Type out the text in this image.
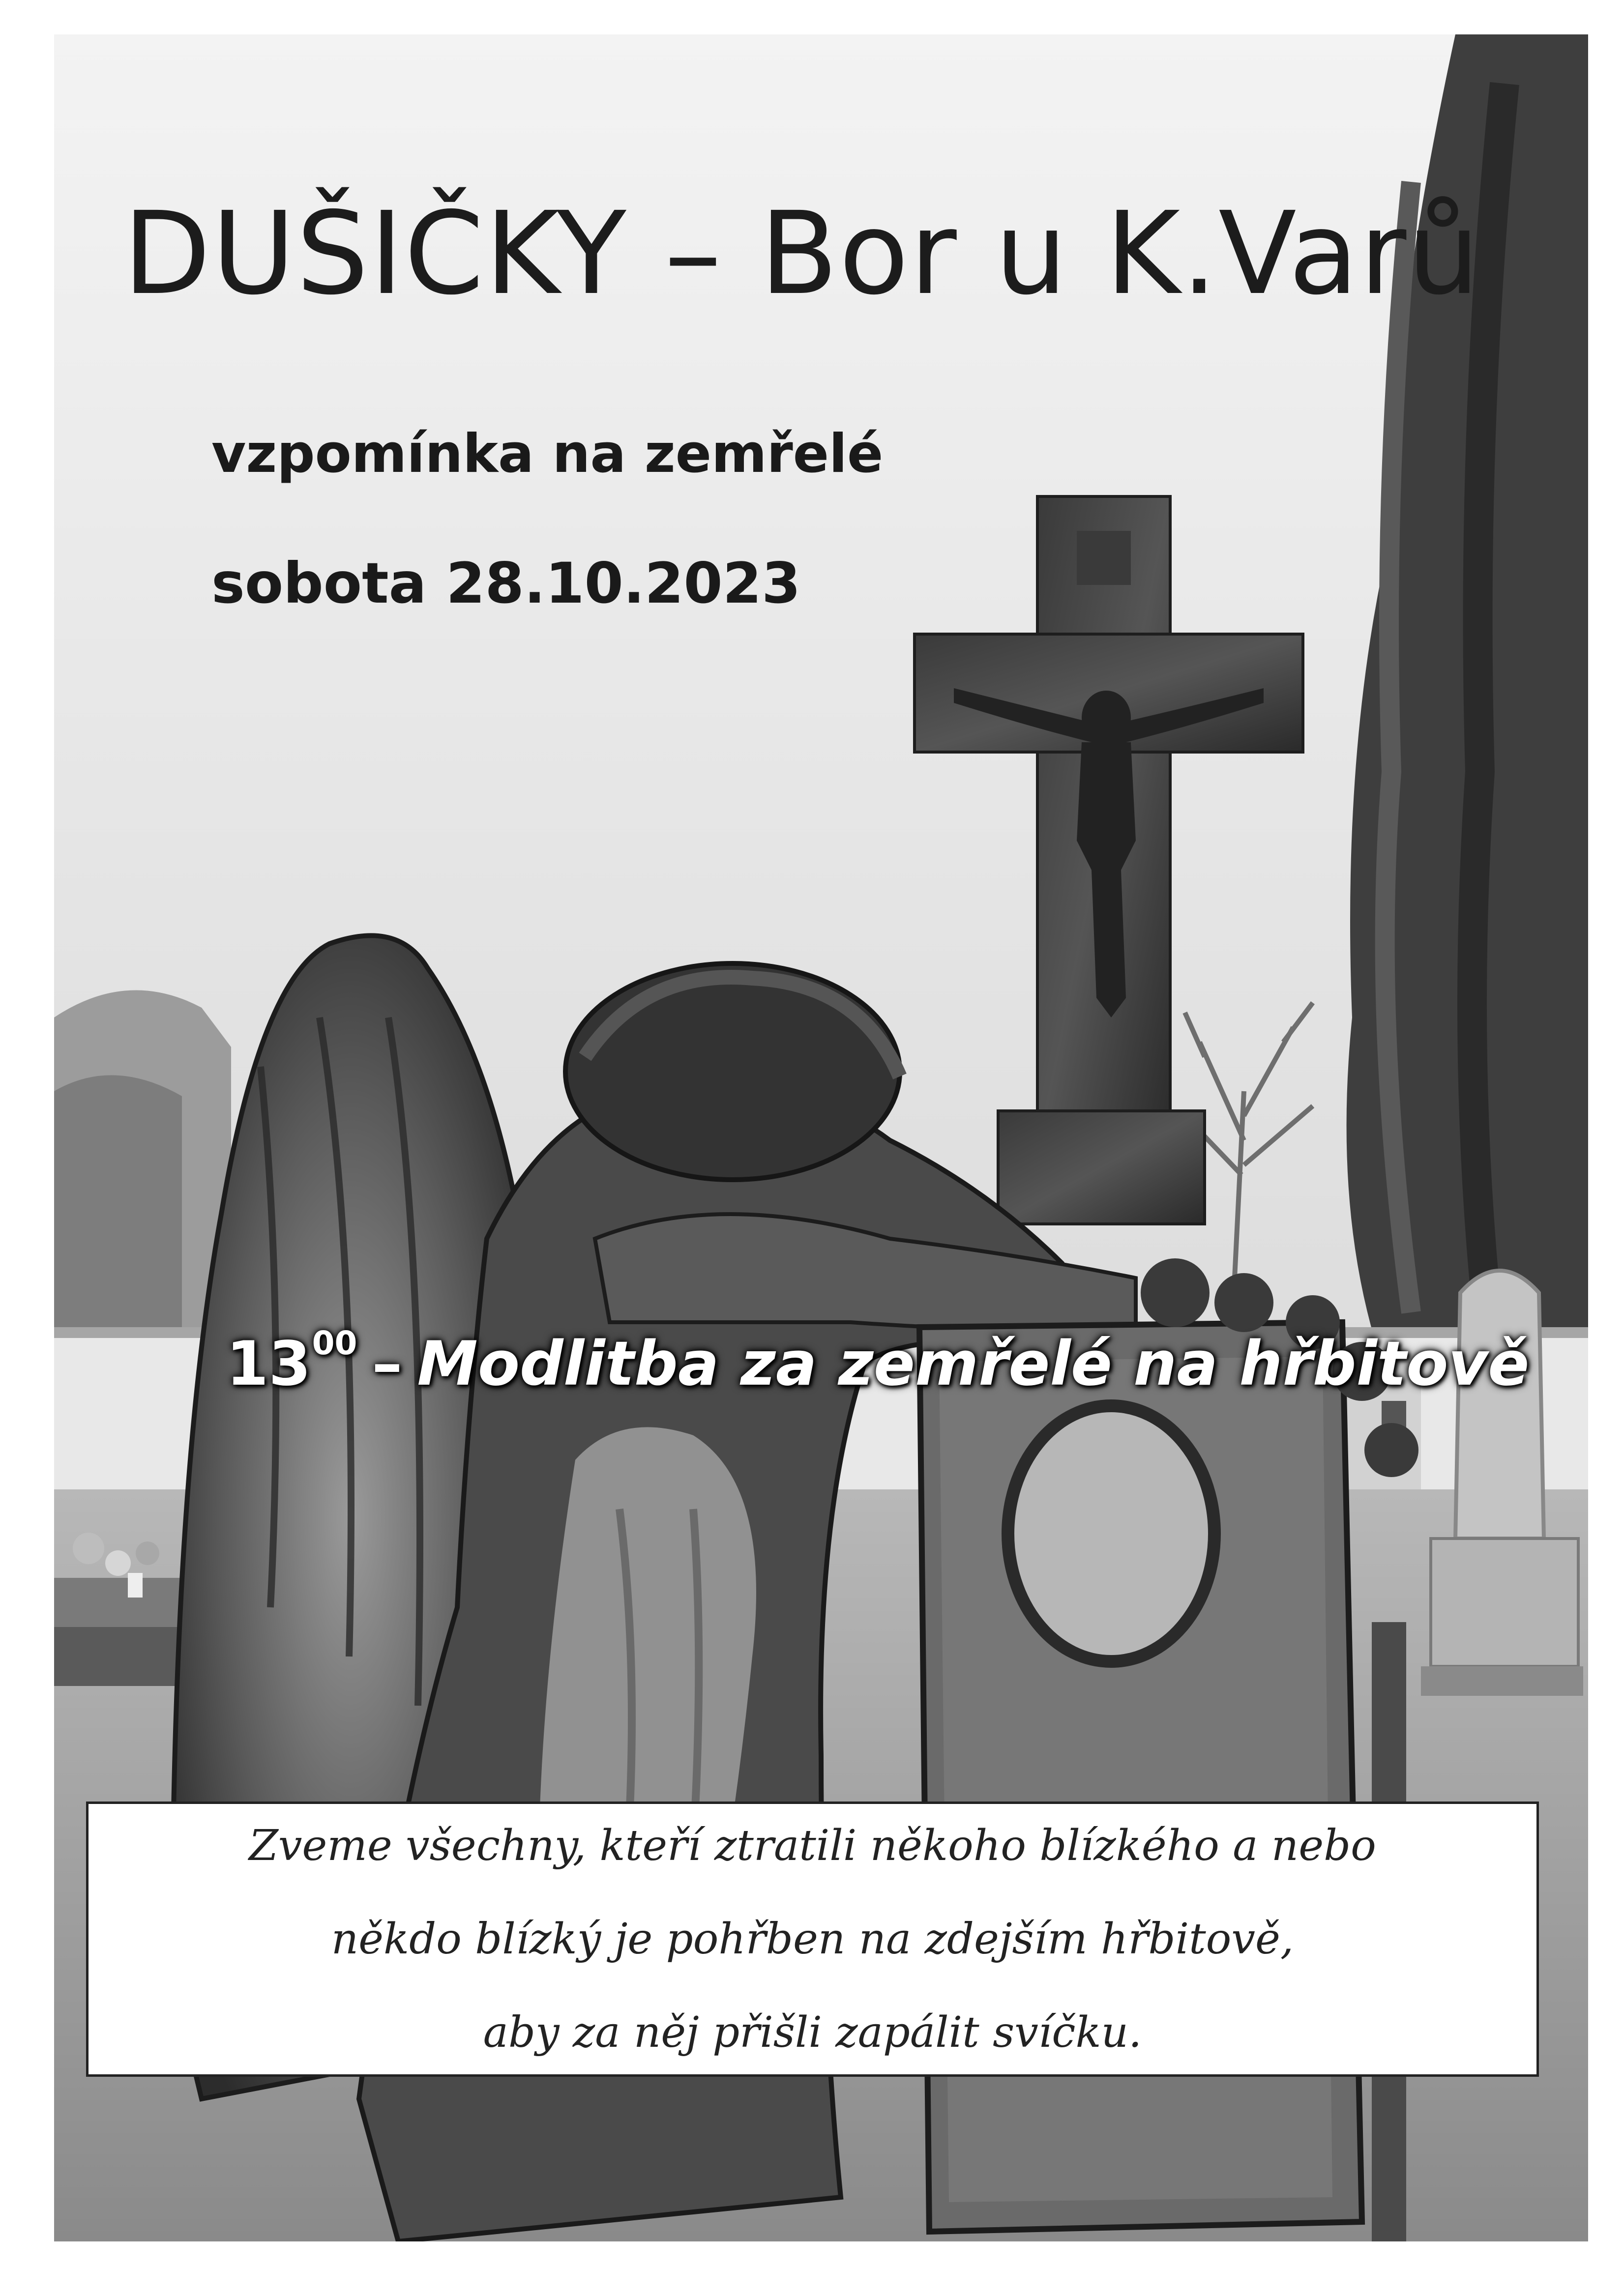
DUŠIČKY – Bor u K.Varů
vzpomínka na zemřelé
sobota 28.10.2023
$13^{00}$ – Modlitba za zemřelé na hřbitově
Zveme všechny, kteří ztratili někoho blízkého a nebo
někdo blízký je pohřben na zdejším hřbitově,
aby za něj přišli zapálit svíčku.
